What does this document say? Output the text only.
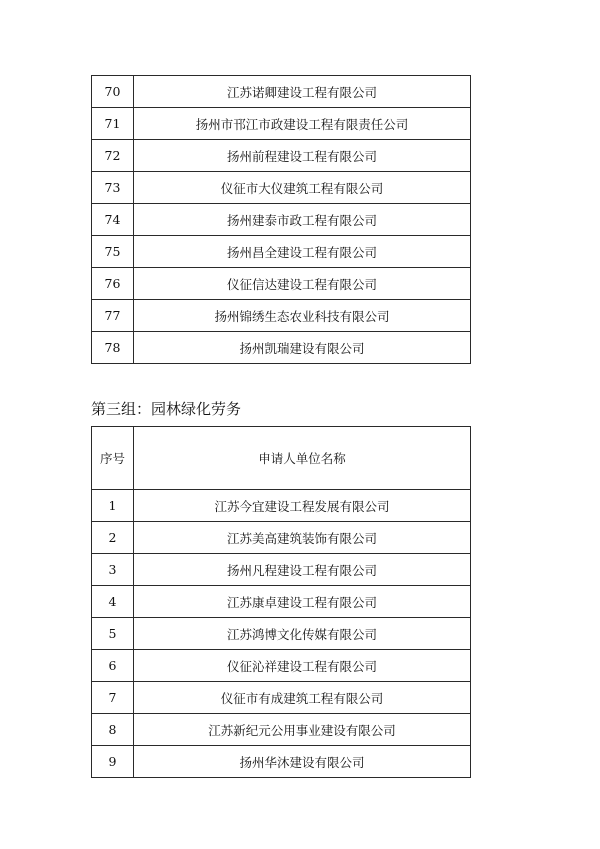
70	江苏诺卿建设工程有限公司
71	扬州市邗江市政建设工程有限责任公司
72	扬州前程建设工程有限公司
73	仪征市大仪建筑工程有限公司
74	扬州建泰市政工程有限公司
75	扬州昌全建设工程有限公司
76	仪征信达建设工程有限公司
77	扬州锦绣生态农业科技有限公司
78	扬州凯瑞建设有限公司
第三组：园林绿化劳务
序号	申请人单位名称
1	江苏今宜建设工程发展有限公司
2	江苏美高建筑装饰有限公司
3	扬州凡程建设工程有限公司
4	江苏康卓建设工程有限公司
5	江苏鸿博文化传媒有限公司
6	仪征沁祥建设工程有限公司
7	仪征市有成建筑工程有限公司
8	江苏新纪元公用事业建设有限公司
9	扬州华沐建设有限公司
